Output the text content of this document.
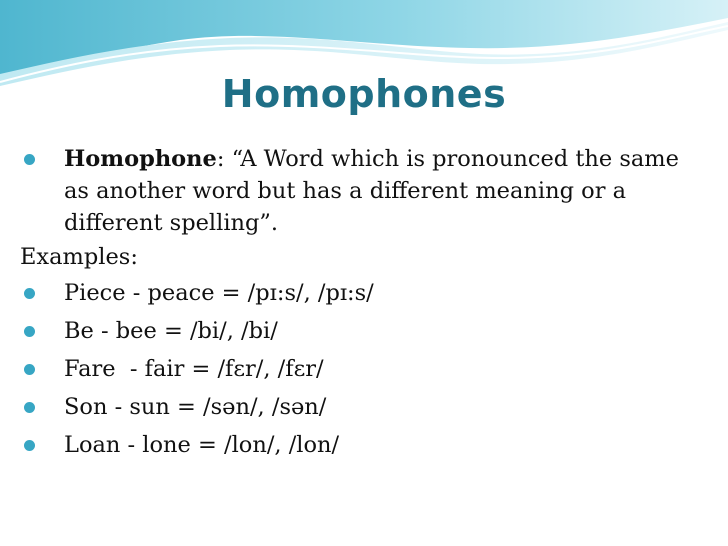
Homophones
Homophone: “A Word which is pronounced the same as another word but has a different meaning or a different spelling”.
Examples:
Piece - peace = /pɪ:s/, /pɪ:s/
Be - bee = /bi/, /bi/
Fare  - fair = /fɛr/, /fɛr/
Son - sun = /sən/, /sən/
Loan - lone = /lon/, /lon/
